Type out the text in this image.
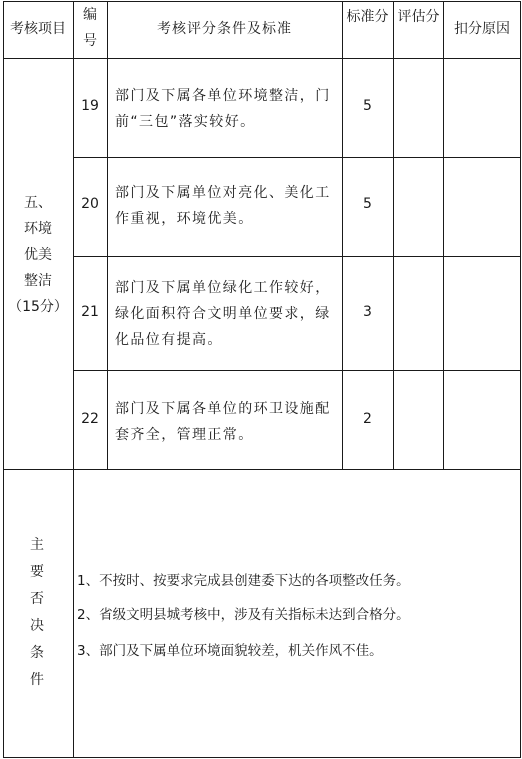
考核项目
编号
考核评分条件及标准
标准分 评估分
扣分原因
五、
环境
优美
整洁
（15分）
19
部门及下属各单位环境整洁，门前“三包”落实较好。
5
20
部门及下属单位对亮化、美化工作重视，环境优美。
5
21
部门及下属单位绿化工作较好，绿化面积符合文明单位要求，绿化品位有提高。
3
22
部门及下属各单位的环卫设施配套齐全，管理正常。
2
主要否决条件
1、不按时、按要求完成县创建委下达的各项整改任务。
2、省级文明县城考核中，涉及有关指标未达到合格分。
3、部门及下属单位环境面貌较差，机关作风不佳。
